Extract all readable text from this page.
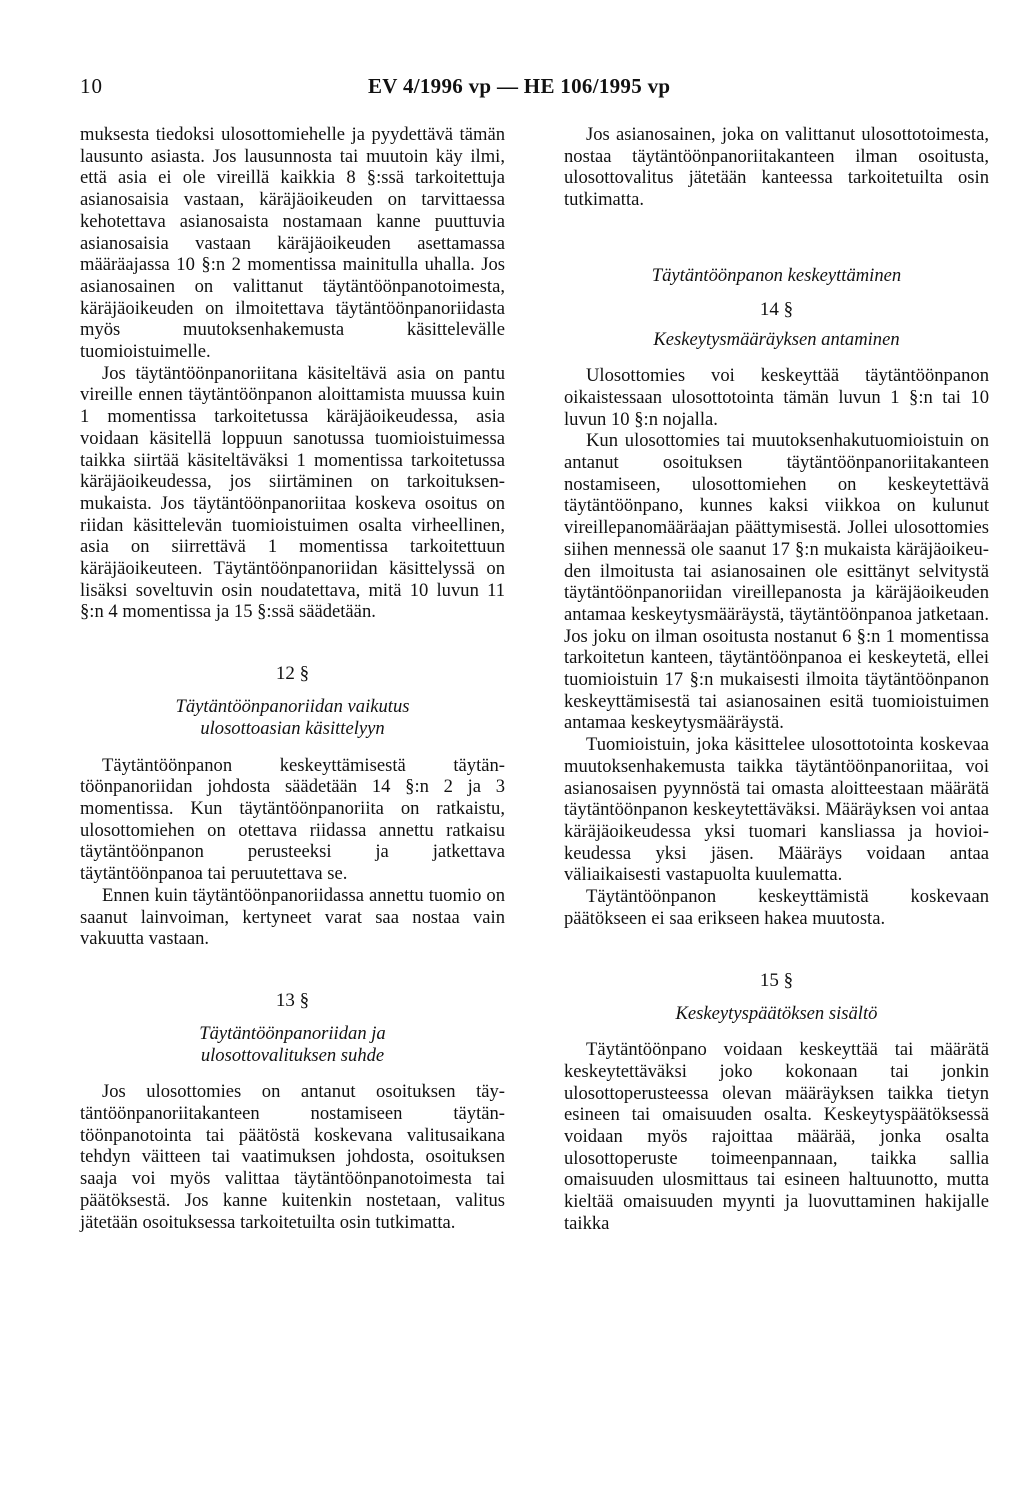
10	EV 4/1996 vp — HE 106/1995 vp

muksesta tiedoksi ulosottomiehelle ja pyydettävä tämän lausunto asiasta. Jos lausunnosta tai muutoin käy ilmi, että asia ei ole vireillä kaikkia 8 §:ssä tarkoitettuja asianosaisia vastaan, käräjäoikeuden on tarvittaessa kehotettava asianosaista nostamaan kanne puuttuvia asianosaisia vastaan käräjäoikeuden asettamassa määräajassa 10 §:n 2 momentissa mainitulla uhalla. Jos asianosainen on valittanut täytäntöönpanotoimesta, käräjäoikeuden on ilmoitettava täytäntöönpanoriidasta myös muutoksenhakemusta käsittelevälle tuomioistuimelle.

Jos täytäntöönpanoriitana käsiteltävä asia on pantu vireille ennen täytäntöönpanon aloittamista muussa kuin 1 momentissa tarkoitetussa käräjäoikeudessa, asia voidaan käsitellä loppuun sanotussa tuomioistuimessa taikka siirtää käsiteltäväksi 1 momentissa tarkoitetussa käräjäoikeudessa, jos siirtäminen on tarkoituksenmukaista. Jos täytäntöönpanoriitaa koskeva osoitus on riidan käsittelevän tuomioistuimen osalta virheellinen, asia on siirrettävä 1 momentissa tarkoitettuun käräjäoikeuteen. Täytäntöönpanoriidan käsittelyssä on lisäksi soveltuvin osin noudatettava, mitä 10 luvun 11 §:n 4 momentissa ja 15 §:ssä säädetään.

12 §

Täytäntöönpanoriidan vaikutus

ulosottoasian käsittelyyn

Täytäntöönpanon keskeyttämisestä täytäntöönpanoriidan johdosta säädetään 14 §:n 2 ja 3 momentissa. Kun täytäntöönpanoriita on ratkaistu, ulosottomiehen on otettava riidassa annettu ratkaisu täytäntöönpanon perusteeksi ja jatkettava täytäntöönpanoa tai peruutettava se.

Ennen kuin täytäntöönpanoriidassa annettu tuomio on saanut lainvoiman, kertyneet varat saa nostaa vain vakuutta vastaan.

13 §

Täytäntöönpanoriidan ja

ulosottovalituksen suhde

Jos ulosottomies on antanut osoituksen täytäntöönpanoriitakanteen nostamiseen täytäntöönpanotointa tai päätöstä koskevana valitusaikana tehdyn väitteen tai vaatimuksen johdosta, osoituksen saaja voi myös valittaa täytäntöönpanotoimesta tai päätöksestä. Jos kanne kuitenkin nostetaan, valitus jätetään osoituksessa tarkoitetuilta osin tutkimatta.

Jos asianosainen, joka on valittanut ulosottotoimesta, nostaa täytäntöönpanoriitakanteen ilman osoitusta, ulosottovalitus jätetään kanteessa tarkoitetuilta osin tutkimatta.

Täytäntöönpanon keskeyttäminen

14 §

Keskeytysmääräyksen antaminen

Ulosottomies voi keskeyttää täytäntöönpanon oikaistessaan ulosottotointa tämän luvun 1 §:n tai 10 luvun 10 §:n nojalla.

Kun ulosottomies tai muutoksenhakutuomioistuin on antanut osoituksen täytäntöönpanoriitakanteen nostamiseen, ulosottomiehen on keskeytettävä täytäntöönpano, kunnes kaksi viikkoa on kulunut vireillepanomääräajan päättymisestä. Jollei ulosottomies siihen mennessä ole saanut 17 §:n mukaista käräjäoikeuden ilmoitusta tai asianosainen ole esittänyt selvitystä täytäntöönpanoriidan vireillepanosta ja käräjäoikeuden antamaa keskeytysmääräystä, täytäntöönpanoa jatketaan. Jos joku on ilman osoitusta nostanut 6 §:n 1 momentissa tarkoitetun kanteen, täytäntöönpanoa ei keskeytetä, ellei tuomioistuin 17 §:n mukaisesti ilmoita täytäntöönpanon keskeyttämisestä tai asianosainen esitä tuomioistuimen antamaa keskeytysmääräystä.

Tuomioistuin, joka käsittelee ulosottotointa koskevaa muutoksenhakemusta taikka täytäntöönpanoriitaa, voi asianosaisen pyynnöstä tai omasta aloitteestaan määrätä täytäntöönpanon keskeytettäväksi. Määräyksen voi antaa käräjäoikeudessa yksi tuomari kansliassa ja hovioikeudessa yksi jäsen. Määräys voidaan antaa väliaikaisesti vastapuolta kuulematta.

Täytäntöönpanon keskeyttämistä koskevaan päätökseen ei saa erikseen hakea muutosta.

15 §

Keskeytyspäätöksen sisältö

Täytäntöönpano voidaan keskeyttää tai määrätä keskeytettäväksi joko kokonaan tai jonkin ulosottoperusteessa olevan määräyksen taikka tietyn esineen tai omaisuuden osalta. Keskeytyspäätöksessä voidaan myös rajoittaa määrää, jonka osalta ulosottoperuste toimeenpannaan, taikka sallia omaisuuden ulosmittaus tai esineen haltuunotto, mutta kieltää omaisuuden myynti ja luovuttaminen hakijalle taikka
